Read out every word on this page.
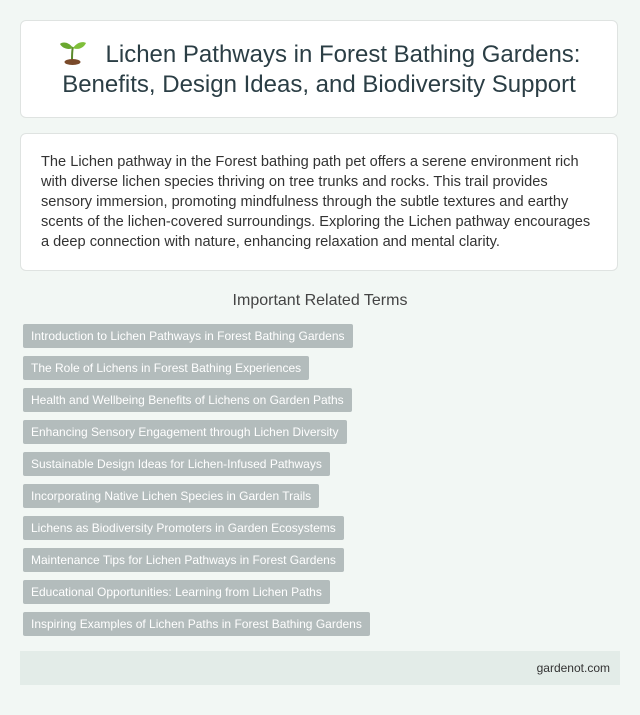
Lichen Pathways in Forest Bathing Gardens: Benefits, Design Ideas, and Biodiversity Support

The Lichen pathway in the Forest bathing path pet offers a serene environment rich with diverse lichen species thriving on tree trunks and rocks. This trail provides sensory immersion, promoting mindfulness through the subtle textures and earthy scents of the lichen-covered surroundings. Exploring the Lichen pathway encourages a deep connection with nature, enhancing relaxation and mental clarity.

Important Related Terms
Introduction to Lichen Pathways in Forest Bathing Gardens
The Role of Lichens in Forest Bathing Experiences
Health and Wellbeing Benefits of Lichens on Garden Paths
Enhancing Sensory Engagement through Lichen Diversity
Sustainable Design Ideas for Lichen-Infused Pathways
Incorporating Native Lichen Species in Garden Trails
Lichens as Biodiversity Promoters in Garden Ecosystems
Maintenance Tips for Lichen Pathways in Forest Gardens
Educational Opportunities: Learning from Lichen Paths
Inspiring Examples of Lichen Paths in Forest Bathing Gardens
gardenot.com
